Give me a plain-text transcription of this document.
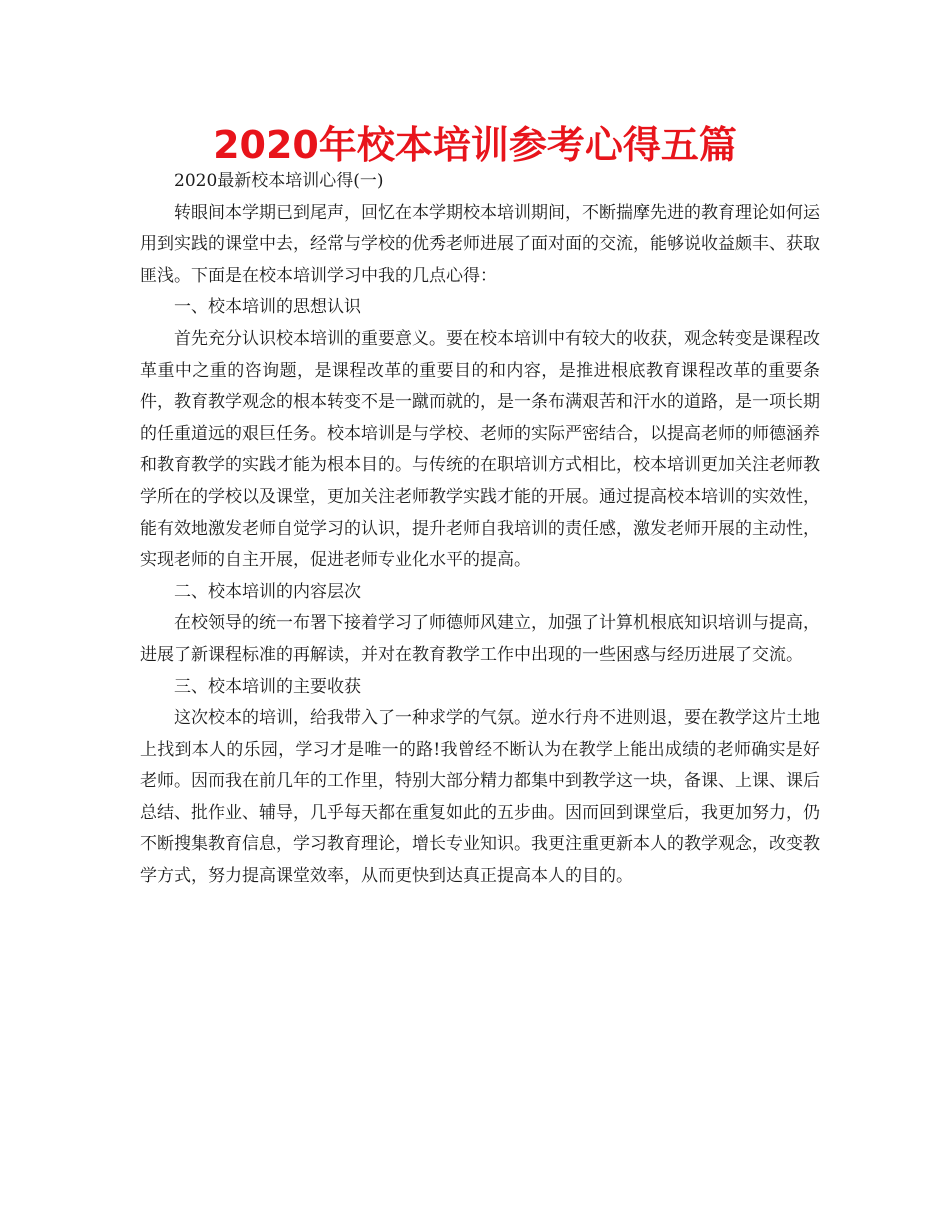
2020年校本培训参考心得五篇

2020最新校本培训心得(一)

转眼间本学期已到尾声，回忆在本学期校本培训期间，不断揣摩先进的教育理论如何运用到实践的课堂中去，经常与学校的优秀老师进展了面对面的交流，能够说收益颇丰、获取匪浅。下面是在校本培训学习中我的几点心得：

一、校本培训的思想认识

首先充分认识校本培训的重要意义。要在校本培训中有较大的收获，观念转变是课程改革重中之重的咨询题，是课程改革的重要目的和内容，是推进根底教育课程改革的重要条件，教育教学观念的根本转变不是一蹴而就的，是一条布满艰苦和汗水的道路，是一项长期的任重道远的艰巨任务。校本培训是与学校、老师的实际严密结合，以提高老师的师德涵养和教育教学的实践才能为根本目的。与传统的在职培训方式相比，校本培训更加关注老师教学所在的学校以及课堂，更加关注老师教学实践才能的开展。通过提高校本培训的实效性，能有效地激发老师自觉学习的认识，提升老师自我培训的责任感，激发老师开展的主动性，实现老师的自主开展，促进老师专业化水平的提高。

二、校本培训的内容层次

在校领导的统一布署下接着学习了师德师风建立，加强了计算机根底知识培训与提高，进展了新课程标准的再解读，并对在教育教学工作中出现的一些困惑与经历进展了交流。

三、校本培训的主要收获

这次校本的培训，给我带入了一种求学的气氛。逆水行舟不进则退，要在教学这片土地上找到本人的乐园，学习才是唯一的路!我曾经不断认为在教学上能出成绩的老师确实是好老师。因而我在前几年的工作里，特别大部分精力都集中到教学这一块，备课、上课、课后总结、批作业、辅导，几乎每天都在重复如此的五步曲。因而回到课堂后，我更加努力，仍不断搜集教育信息，学习教育理论，增长专业知识。我更注重更新本人的教学观念，改变教学方式，努力提高课堂效率，从而更快到达真正提高本人的目的。
